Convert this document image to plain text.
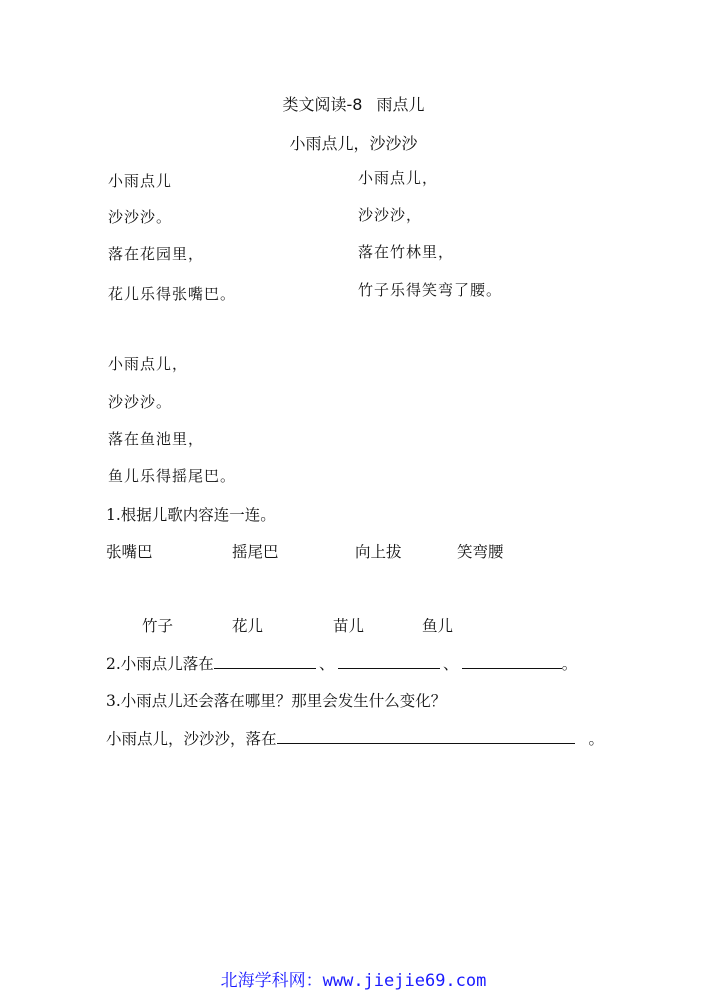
类文阅读-8 雨点儿
小雨点儿，沙沙沙
小雨点儿
沙沙沙。
落在花园里，
花儿乐得张嘴巴。
小雨点儿，
沙沙沙，
落在竹林里，
竹子乐得笑弯了腰。
小雨点儿，
沙沙沙。
落在鱼池里，
鱼儿乐得摇尾巴。
1.根据儿歌内容连一连。
张嘴巴	摇尾巴	向上拔	笑弯腰
竹子	花儿	苗儿	鱼儿
2.小雨点儿落在	、	、	。
3.小雨点儿还会落在哪里？那里会发生什么变化？
小雨点儿，沙沙沙，落在	。
北海学科网：www.jiejie69.com
